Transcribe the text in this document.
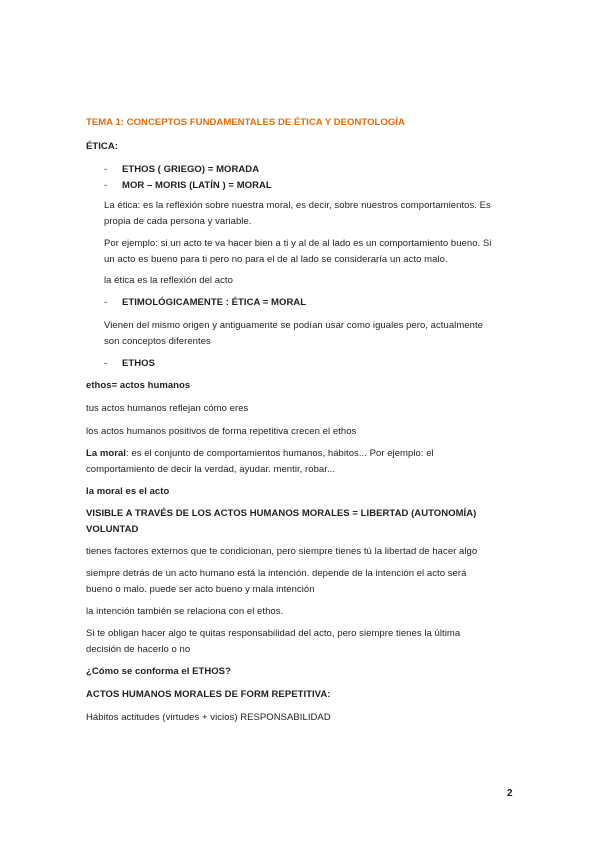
TEMA 1: CONCEPTOS FUNDAMENTALES DE ÉTICA Y DEONTOLOGÍA
ÉTICA:
- ETHOS ( GRIEGO) = MORADA
- MOR – MORIS (LATÍN ) = MORAL
La ética: es la reflexión sobre nuestra moral, es decir, sobre nuestros comportamientos. Es
propia de cada persona y variable.
Por ejemplo: si un acto te va hacer bien a ti y al de al lado es un comportamiento bueno. Si
un acto es bueno para ti pero no para el de al lado se consideraría un acto malo.
la ética es la reflexión del acto
- ETIMOLÓGICAMENTE : ÉTICA = MORAL
Vienen del mismo origen y antiguamente se podían usar como iguales pero, actualmente
son conceptos diferentes
- ETHOS
ethos= actos humanos
tus actos humanos reflejan cómo eres
los actos humanos positivos de forma repetitiva crecen el ethos
La moral: es el conjunto de comportamientos humanos, hábitos... Por ejemplo: el
comportamiento de decir la verdad, ayudar. mentir, robar...
la moral es el acto
VISIBLE A TRAVÉS DE LOS ACTOS HUMANOS MORALES = LIBERTAD (AUTONOMÍA)
VOLUNTAD
tienes factores externos que te condicionan, pero siempre tienes tú la libertad de hacer algo
siempre detrás de un acto humano está la intención. depende de la intención el acto será
bueno o malo. puede ser acto bueno y mala intención
la intención también se relaciona con el ethos.
Si te obligan hacer algo te quitas responsabilidad del acto, pero siempre tienes la última
decisión de hacerlo o no
¿Cómo se conforma el ETHOS?
ACTOS HUMANOS MORALES DE FORM REPETITIVA:
Hábitos actitudes (virtudes + vicios) RESPONSABILIDAD
2
